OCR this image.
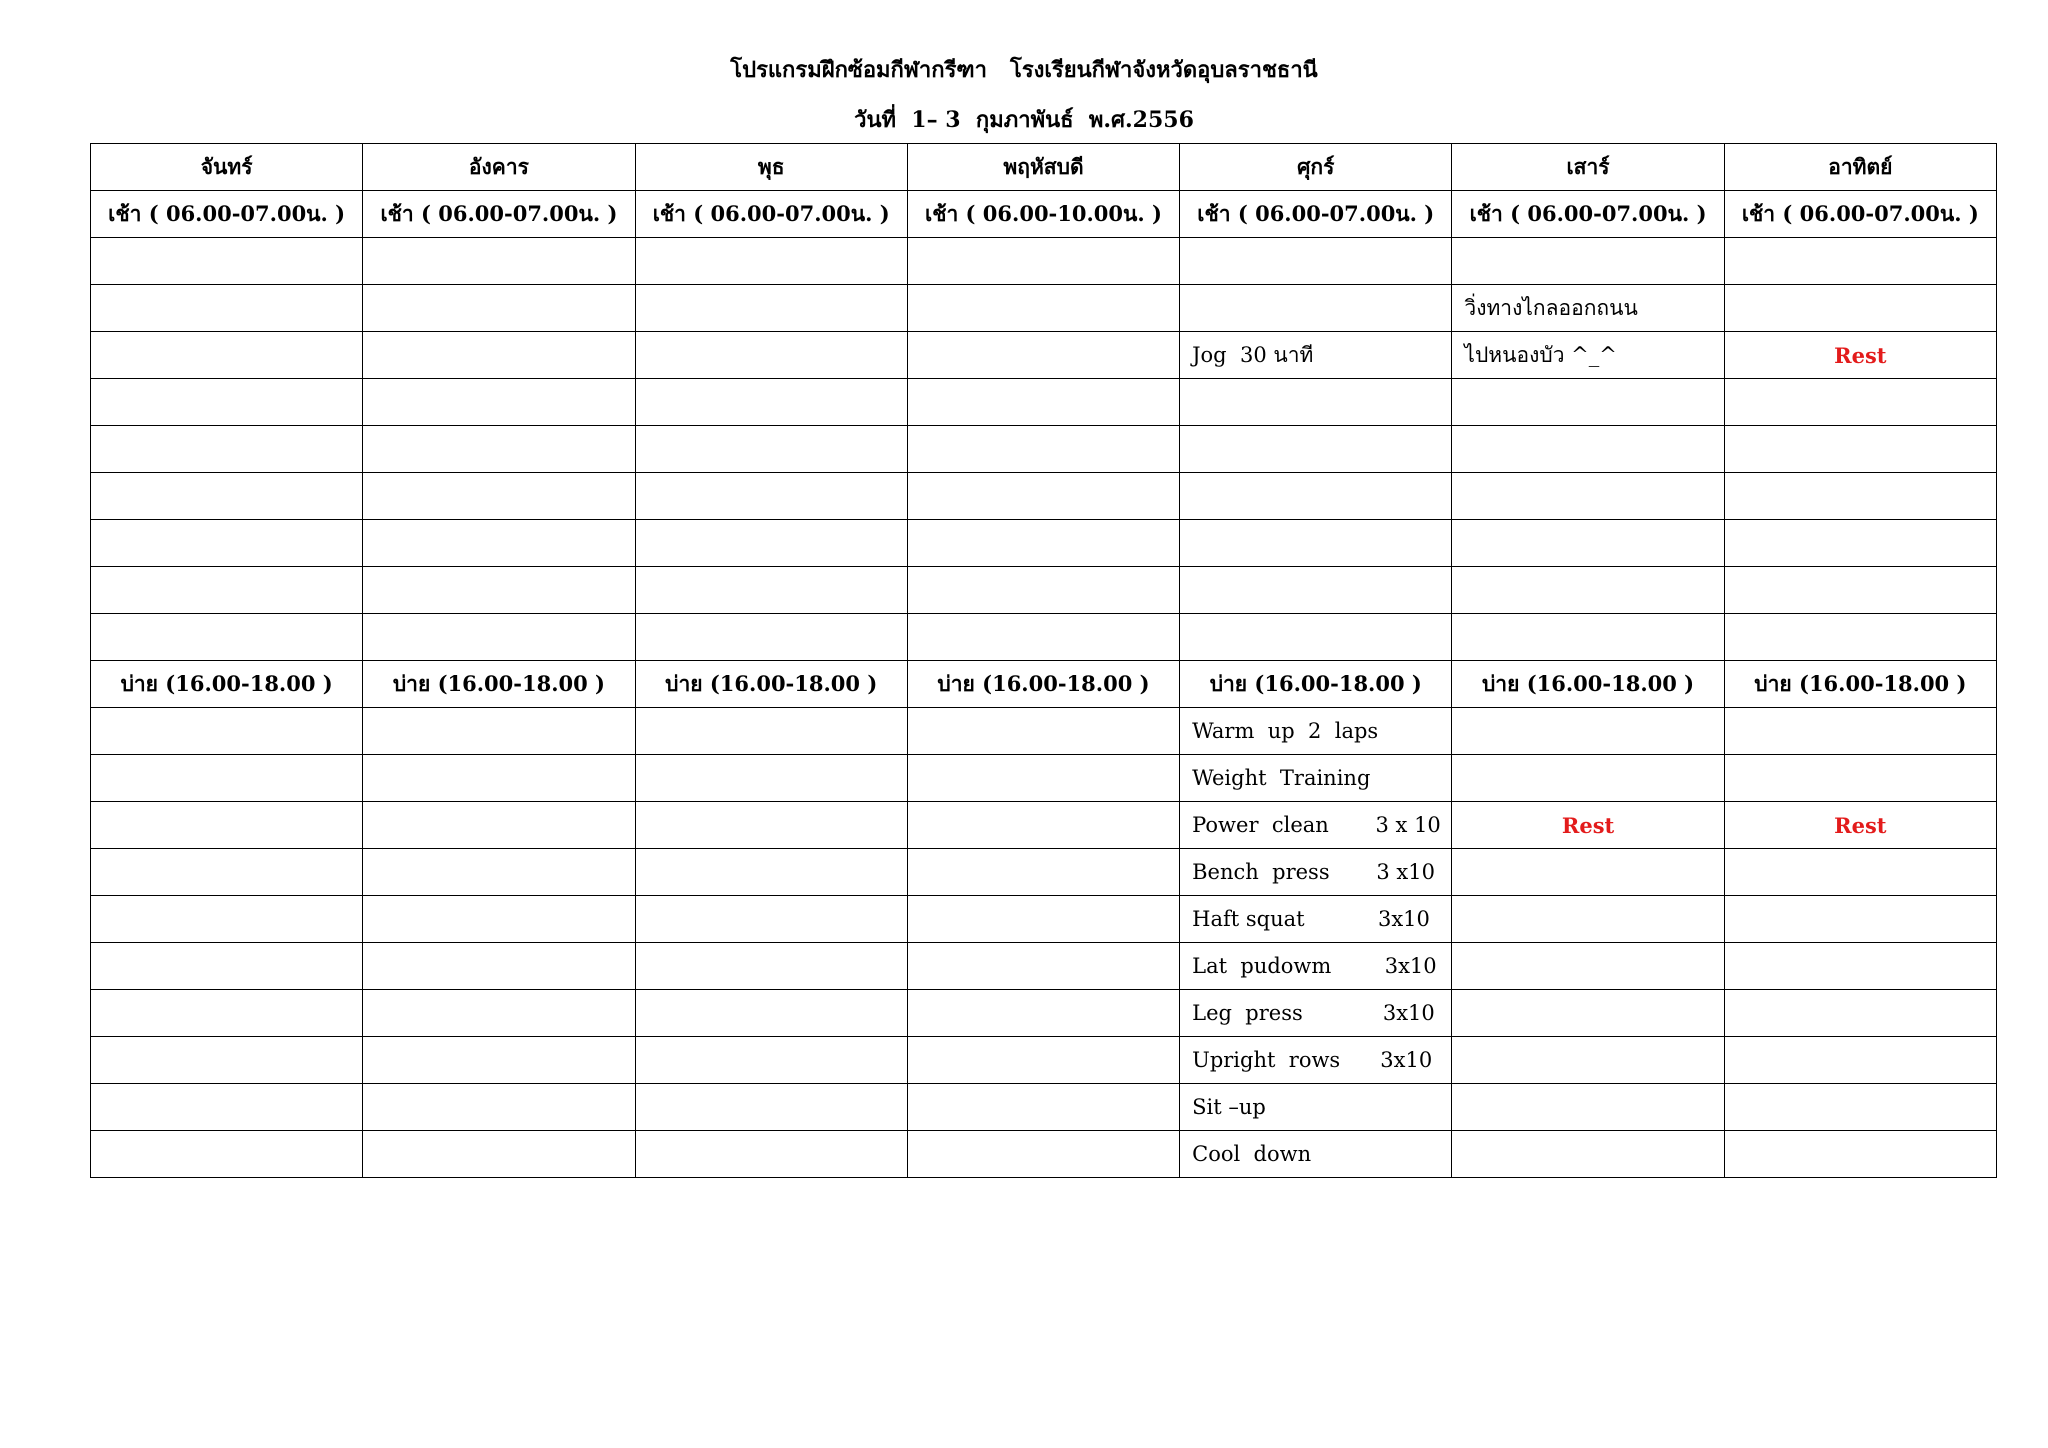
โปรแกรมฝึกซ้อมกีฬากรีฑา   โรงเรียนกีฬาจังหวัดอุบลราชธานี
วันที่  1– 3  กุมภาพันธ์  พ.ศ.2556
จันทร์	อังคาร	พุธ	พฤหัสบดี	ศุกร์	เสาร์	อาทิตย์
เช้า ( 06.00-07.00น. )	เช้า ( 06.00-07.00น. )	เช้า ( 06.00-07.00น. )	เช้า ( 06.00-10.00น. )	เช้า ( 06.00-07.00น. )	เช้า ( 06.00-07.00น. )	เช้า ( 06.00-07.00น. )

					วิ่งทางไกลออกถนน	
				Jog  30 นาที	ไปหนองบัว ^_^	Rest

บ่าย (16.00-18.00 )	บ่าย (16.00-18.00 )	บ่าย (16.00-18.00 )	บ่าย (16.00-18.00 )	บ่าย (16.00-18.00 )	บ่าย (16.00-18.00 )	บ่าย (16.00-18.00 )
				Warm  up  2  laps		
				Weight  Training		
				Power  clean       3 x 10	Rest	Rest
				Bench  press       3 x10		
				Haft squat           3x10		
				Lat  pudowm        3x10		
				Leg  press            3x10		
				Upright  rows      3x10		
				Sit –up		
				Cool  down		
